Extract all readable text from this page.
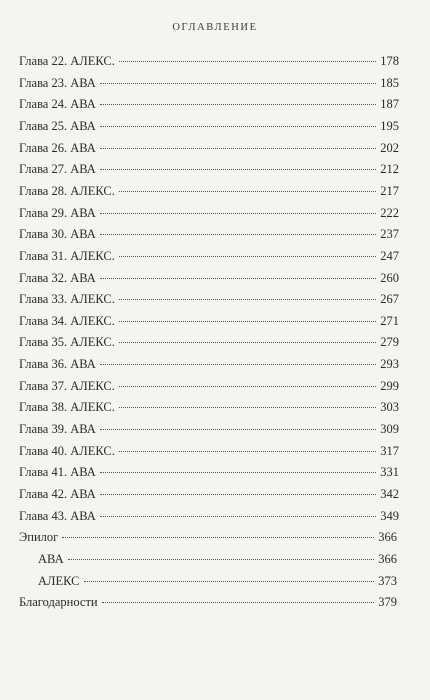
ОГЛАВЛЕНИЕ
Глава 22. АЛЕКС.	178
Глава 23. АВА	185
Глава 24. АВА	187
Глава 25. АВА	195
Глава 26. АВА	202
Глава 27. АВА	212
Глава 28. АЛЕКС.	217
Глава 29. АВА	222
Глава 30. АВА	237
Глава 31. АЛЕКС.	247
Глава 32. АВА	260
Глава 33. АЛЕКС.	267
Глава 34. АЛЕКС.	271
Глава 35. АЛЕКС.	279
Глава 36. АВА	293
Глава 37. АЛЕКС.	299
Глава 38. АЛЕКС.	303
Глава 39. АВА	309
Глава 40. АЛЕКС.	317
Глава 41. АВА	331
Глава 42. АВА	342
Глава 43. АВА	349
Эпилог	366
АВА	366
АЛЕКС	373
Благодарности	379
